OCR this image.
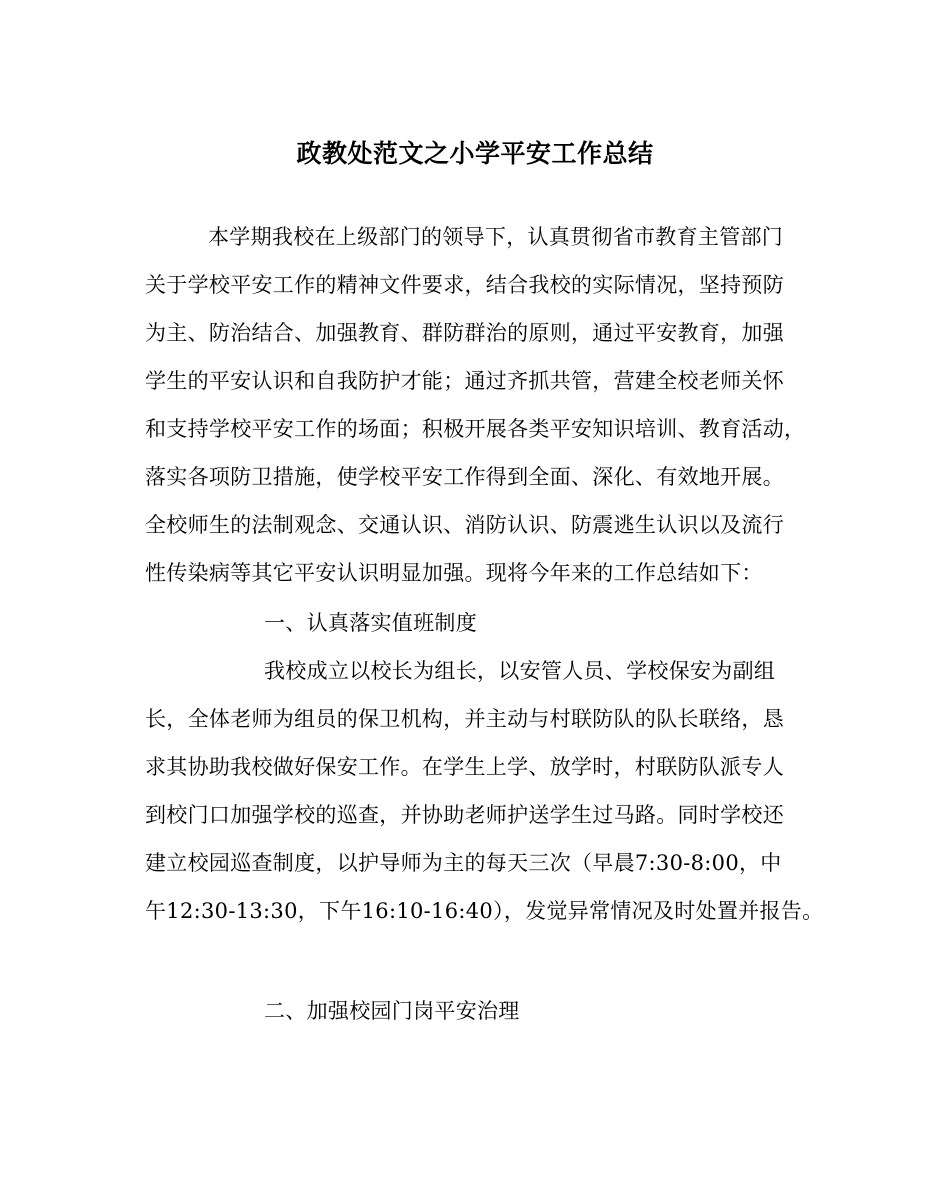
政教处范文之小学平安工作总结
本学期我校在上级部门的领导下，认真贯彻省市教育主管部门
关于学校平安工作的精神文件要求，结合我校的实际情况，坚持预防
为主、防治结合、加强教育、群防群治的原则，通过平安教育，加强
学生的平安认识和自我防护才能；通过齐抓共管，营建全校老师关怀
和支持学校平安工作的场面；积极开展各类平安知识培训、教育活动，
落实各项防卫措施，使学校平安工作得到全面、深化、有效地开展。
全校师生的法制观念、交通认识、消防认识、防震逃生认识以及流行
性传染病等其它平安认识明显加强。现将今年来的工作总结如下：
一、认真落实值班制度
我校成立以校长为组长，以安管人员、学校保安为副组
长，全体老师为组员的保卫机构，并主动与村联防队的队长联络，恳
求其协助我校做好保安工作。在学生上学、放学时，村联防队派专人
到校门口加强学校的巡查，并协助老师护送学生过马路。同时学校还
建立校园巡查制度，以护导师为主的每天三次（早晨7:30-8:00，中
午12:30-13:30，下午16:10-16:40），发觉异常情况及时处置并报告。
二、加强校园门岗平安治理
